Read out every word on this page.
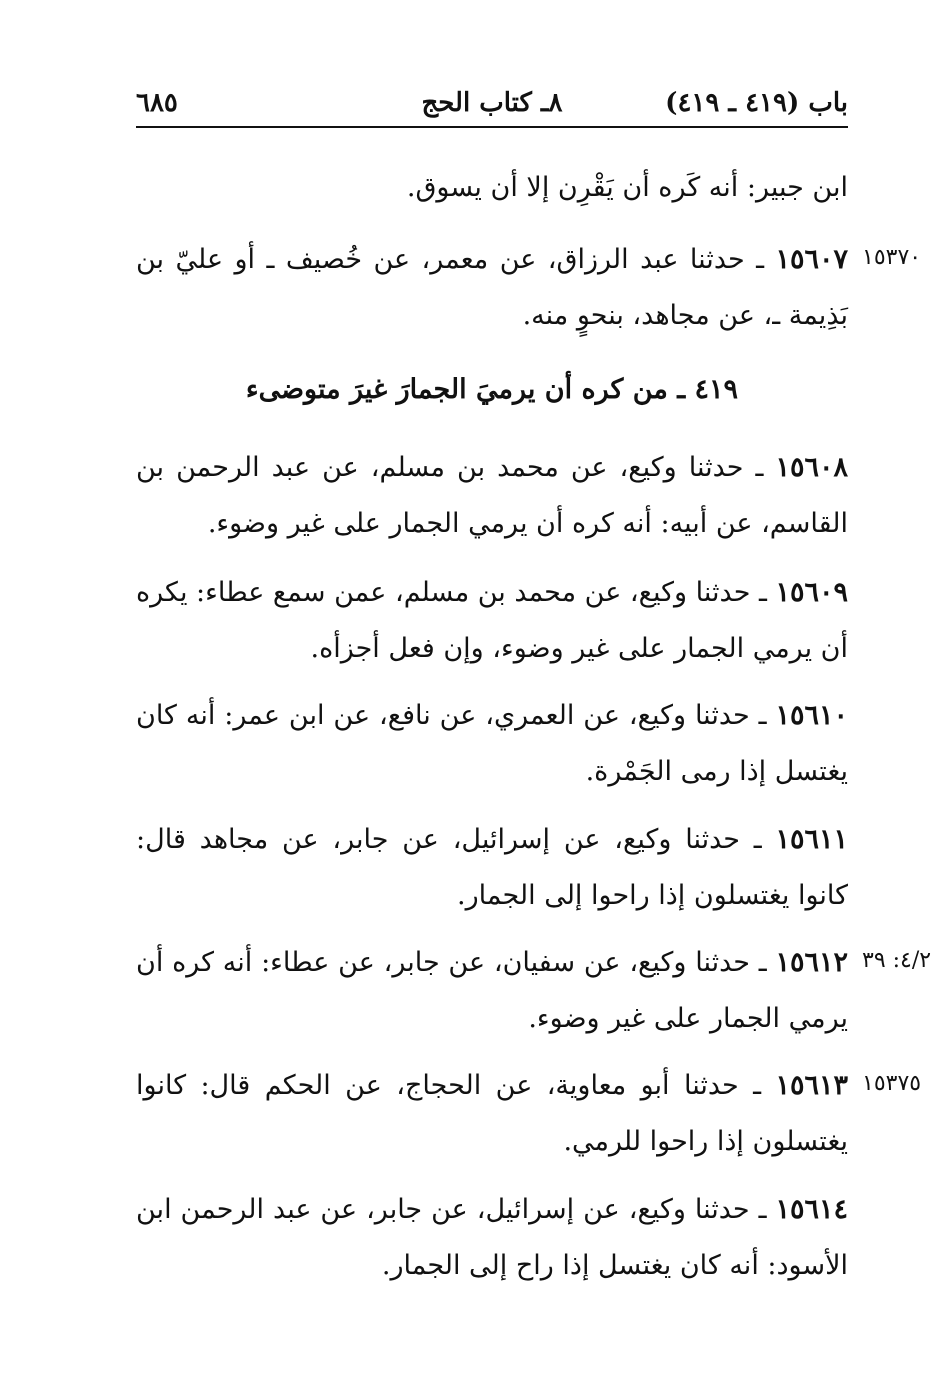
باب (٤١٩ ـ ٤١٩)
٨ـ كتاب الحج
٦٨٥
ابن جبير: أنه كَره أن يَقْرِن إلا أن يسوق.
١٥٦٠٧ ـ حدثنا عبد الرزاق، عن معمر، عن خُصيف ـ أو عليّ بن بَذِيمة ـ، عن مجاهد، بنحوٍ منه.
٤١٩ ـ من كره أن يرميَ الجمارَ غيرَ متوضىء
١٥٦٠٨ ـ حدثنا وكيع، عن محمد بن مسلم، عن عبد الرحمن بن القاسم، عن أبيه: أنه كره أن يرمي الجمار على غير وضوء.
١٥٦٠٩ ـ حدثنا وكيع، عن محمد بن مسلم، عمن سمع عطاء: يكره أن يرمي الجمار على غير وضوء، وإن فعل أجزأه.
١٥٦١٠ ـ حدثنا وكيع، عن العمري، عن نافع، عن ابن عمر: أنه كان يغتسل إذا رمى الجَمْرة.
١٥٦١١ ـ حدثنا وكيع، عن إسرائيل، عن جابر، عن مجاهد قال: كانوا يغتسلون إذا راحوا إلى الجمار.
١٥٦١٢ ـ حدثنا وكيع، عن سفيان، عن جابر، عن عطاء: أنه كره أن يرمي الجمار على غير وضوء.
١٥٦١٣ ـ حدثنا أبو معاوية، عن الحجاج، عن الحكم قال: كانوا يغتسلون إذا راحوا للرمي.
١٥٦١٤ ـ حدثنا وكيع، عن إسرائيل، عن جابر، عن عبد الرحمن ابن الأسود: أنه كان يغتسل إذا راح إلى الجمار.
١٥٣٧٠
٤/٢: ٣٩
١٥٣٧٥
